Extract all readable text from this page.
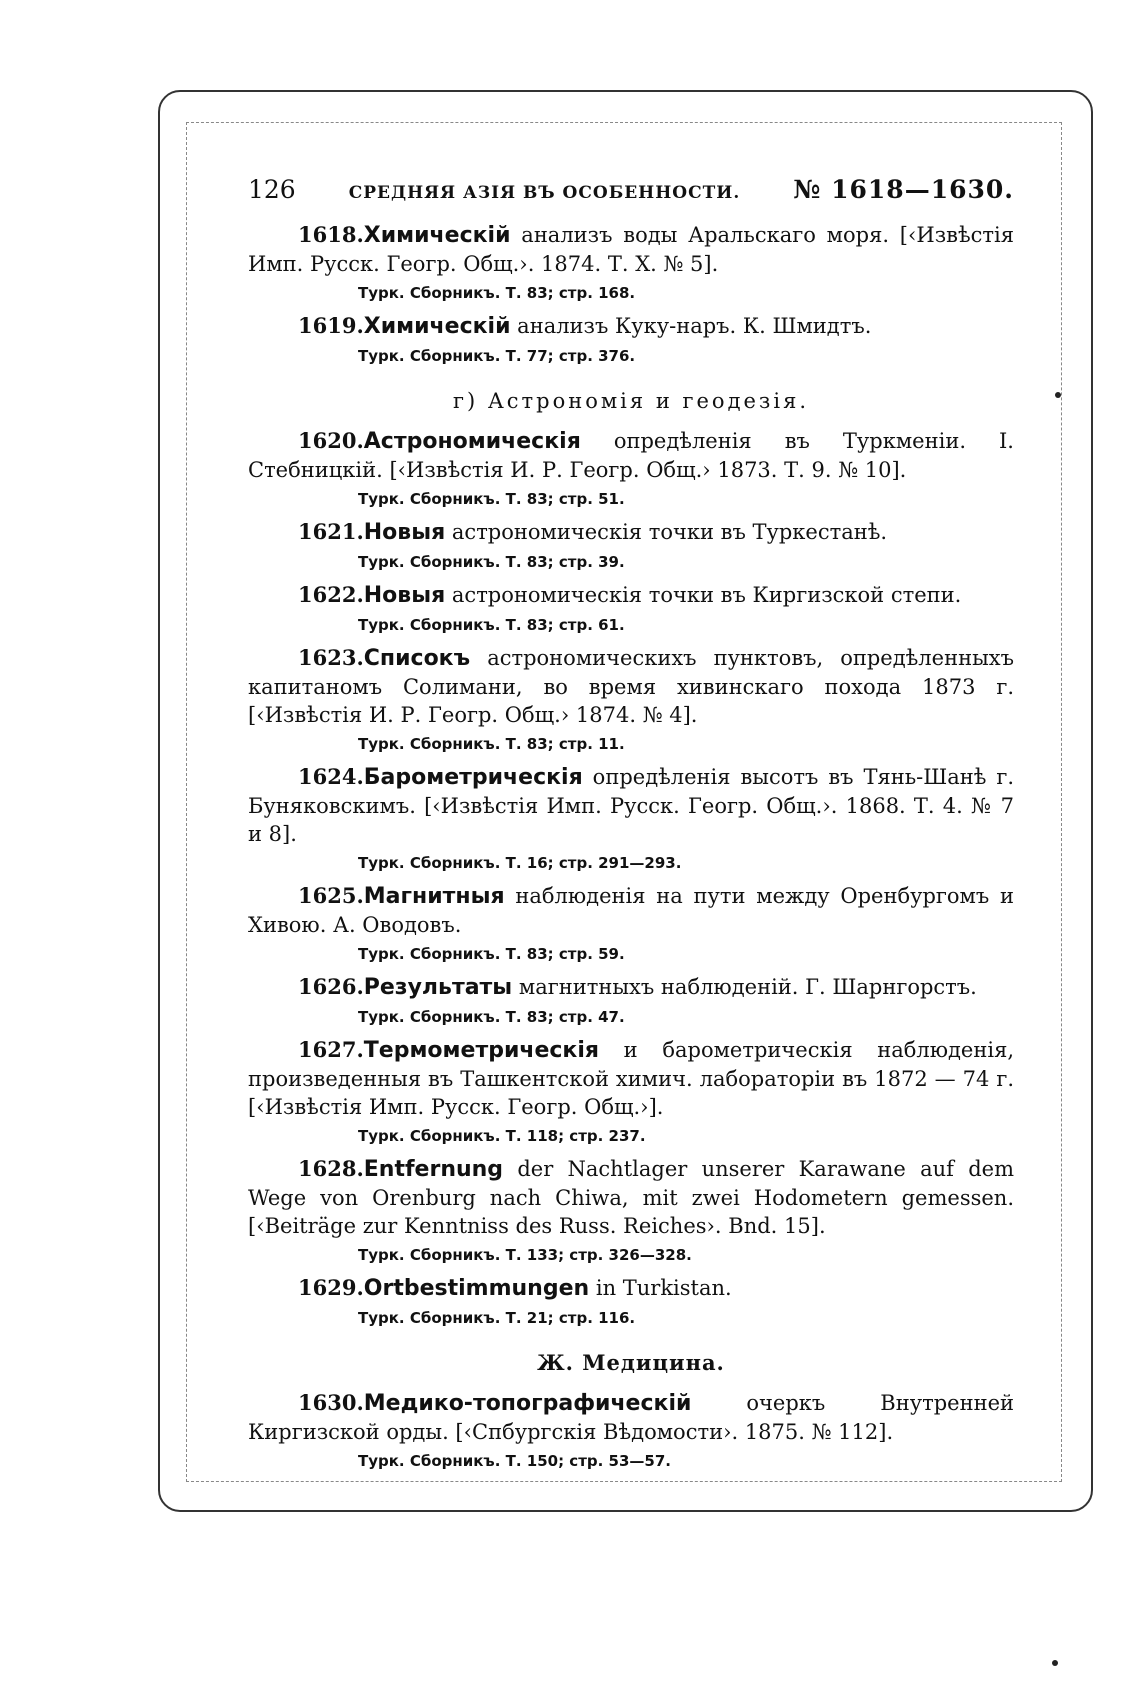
126	СРЕДНЯЯ АЗІЯ ВЪ ОСОБЕННОСТИ. № 1618—1630.
1618.Химическій анализъ воды Аральскаго моря. [‹Извѣстія Имп. Русск. Геогр. Общ.›. 1874. Т. X. № 5].
Турк. Сборникъ. Т. 83; стр. 168.
1619.Химическій анализъ Куку-наръ. К. Шмидтъ.
Турк. Сборникъ. Т. 77; стр. 376.
г) Астрономія и геодезія.
1620.Астрономическія опредѣленія въ Туркменіи. І. Стебницкій. [‹Извѣстія И. Р. Геогр. Общ.› 1873. Т. 9. № 10].
Турк. Сборникъ. Т. 83; стр. 51.
1621.Новыя астрономическія точки въ Туркестанѣ.
Турк. Сборникъ. Т. 83; стр. 39.
1622.Новыя астрономическія точки въ Киргизской степи.
Турк. Сборникъ. Т. 83; стр. 61.
1623.Списокъ астрономическихъ пунктовъ, опредѣленныхъ капитаномъ Солимани, во время хивинскаго похода 1873 г. [‹Извѣстія И. Р. Геогр. Общ.› 1874. № 4].
Турк. Сборникъ. Т. 83; стр. 11.
1624.Барометрическія опредѣленія высотъ въ Тянь-Шанѣ г. Буняковскимъ. [‹Извѣстія Имп. Русск. Геогр. Общ.›. 1868. Т. 4. № 7 и 8].
Турк. Сборникъ. Т. 16; стр. 291—293.
1625.Магнитныя наблюденія на пути между Оренбургомъ и Хивою. А. Оводовъ.
Турк. Сборникъ. Т. 83; стр. 59.
1626.Результаты магнитныхъ наблюденій. Г. Шарнгорстъ.
Турк. Сборникъ. Т. 83; стр. 47.
1627.Термометрическія и барометрическія наблюденія, произведенныя въ Ташкентской химич. лабораторіи въ 1872 — 74 г. [‹Извѣстія Имп. Русск. Геогр. Общ.›].
Турк. Сборникъ. Т. 118; стр. 237.
1628.Entfernung der Nachtlager unserer Karawane auf dem Wege von Orenburg nach Chiwa, mit zwei Hodometern gemessen. [‹Beiträge zur Kenntniss des Russ. Reiches›. Bnd. 15].
Турк. Сборникъ. Т. 133; стр. 326—328.
1629.Ortbestimmungen in Turkistan.
Турк. Сборникъ. Т. 21; стр. 116.
Ж. Медицина.
1630.Медико-топографическій очеркъ Внутренней Киргизской орды. [‹Спбургскія Вѣдомости›. 1875. № 112].
Турк. Сборникъ. Т. 150; стр. 53—57.
